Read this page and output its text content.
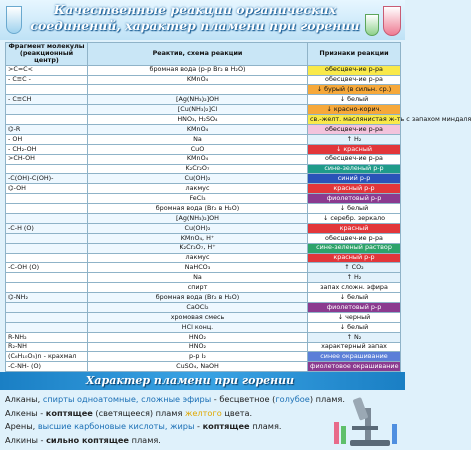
Качественные реакции органических соединений, характер пламени при горении
Фрагмент молекулы (реакционный центр)	Реактив, схема реакции	Признаки реакции
>C=C<	бромная вода (р-р Br₂ в H₂O)	обесцвеч-ие р-ра
- C≡C -	KMnO₄	обесцвеч-ие р-ра
		↓ бурый (в сильн. ср.)
- C≡CH	[Ag(NH₃)₂]OH	↓ белый
	[Cu(NH₃)₂]Cl	↓ красно-корич.
	HNO₃, H₂SO₄	св.-желт. маслянистая ж-ть с запахом миндаля
⌬-R	KMnO₄	обесцвеч-ие р-ра
- OH	Na	↑ H₂
- CH₂-OH	CuO	↓ красный
>CH-OH	KMnO₄	обесцвеч-ие р-ра
	K₂Cr₂O₇	сине-зеленый р-р
-C(OH)-C(OH)-	Cu(OH)₂	синий р-р
⌬-OH	лакмус	красный р-р
	FeCl₃	фиолетовый р-р
	бромная вода (Br₂ в H₂O)	↓ белый
	[Ag(NH₃)₂]OH	↓ серебр. зеркало
-C-H (O)	Cu(OH)₂	красный
	KMnO₄, H⁺	обесцвеч-ие р-ра
	K₂Cr₂O₇, H⁺	сине-зеленый раствор
	лакмус	красный р-р
-C-OH (O)	NaHCO₃	↑ CO₂
	Na	↑ H₂
	спирт	запах сложн. эфира
⌬-NH₂	бромная вода (Br₂ в H₂O)	↓ белый
	CaOCl₂	фиолетовый р-р
	хромовая смесь	↓ черный
	HCl конц.	↓ белый
R-NH₂	HNO₂	↑ N₂
R₂-NH	HNO₂	характерный запах
(C₆H₁₀O₅)n - крахмал	р-р I₂	синее окрашивание
-C-NH- (O)	CuSO₄, NaOH	фиолетовое окрашивание
Характер пламени при горении
Алканы, спирты одноатомные, сложные эфиры - бесцветное (голубое) пламя.
Алкены - коптящее (светящееся) пламя желтого цвета.
Арены, высшие карбоновые кислоты, жиры - коптящее пламя.
Алкины - сильно коптящее пламя.
